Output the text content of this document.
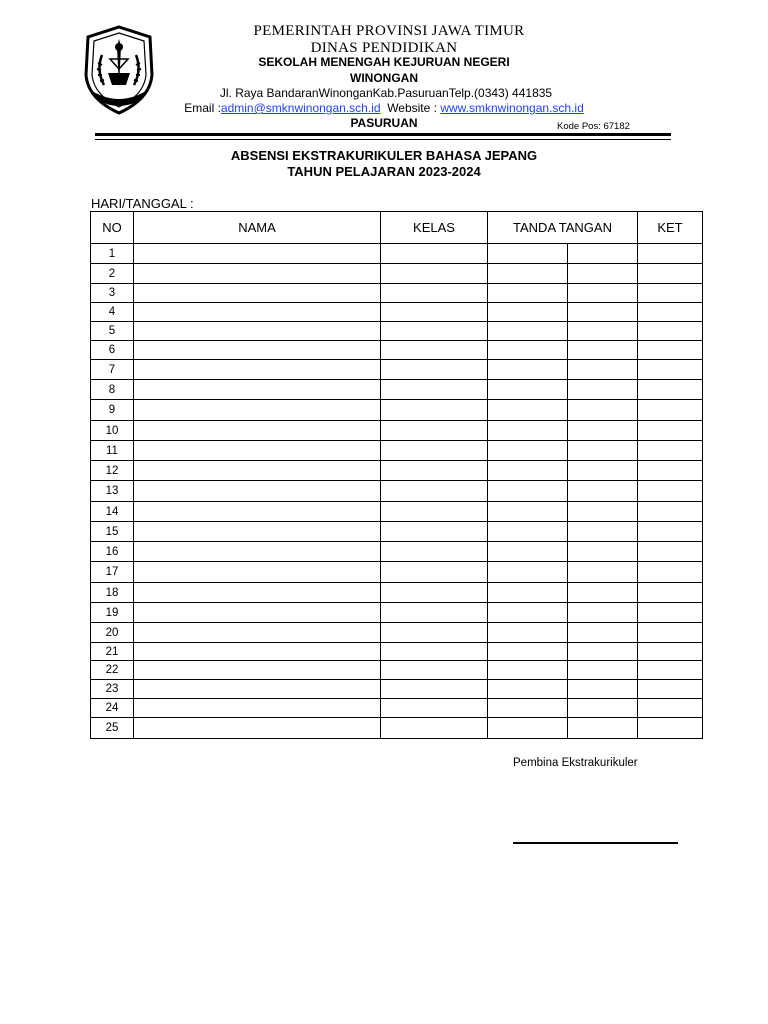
PEMERINTAH PROVINSI JAWA TIMUR
DINAS PENDIDIKAN
SEKOLAH MENENGAH KEJURUAN NEGERI
WINONGAN
Jl. Raya BandaranWinonganKab.PasuruanTelp.(0343) 441835
Email :admin@smknwinongan.sch.id Website : www.smknwinongan.sch.id
PASURUAN	Kode Pos: 67182
ABSENSI EKSTRAKURIKULER BAHASA JEPANG
TAHUN PELAJARAN 2023-2024
HARI/TANGGAL :
NO	NAMA	KELAS	TANDA TANGAN		KET
1					
2					
3					
4					
5					
6					
7					
8					
9					
10					
11					
12					
13					
14					
15					
16					
17					
18					
19					
20					
21					
22					
23					
24					
25					
Pembina Ekstrakurikuler
